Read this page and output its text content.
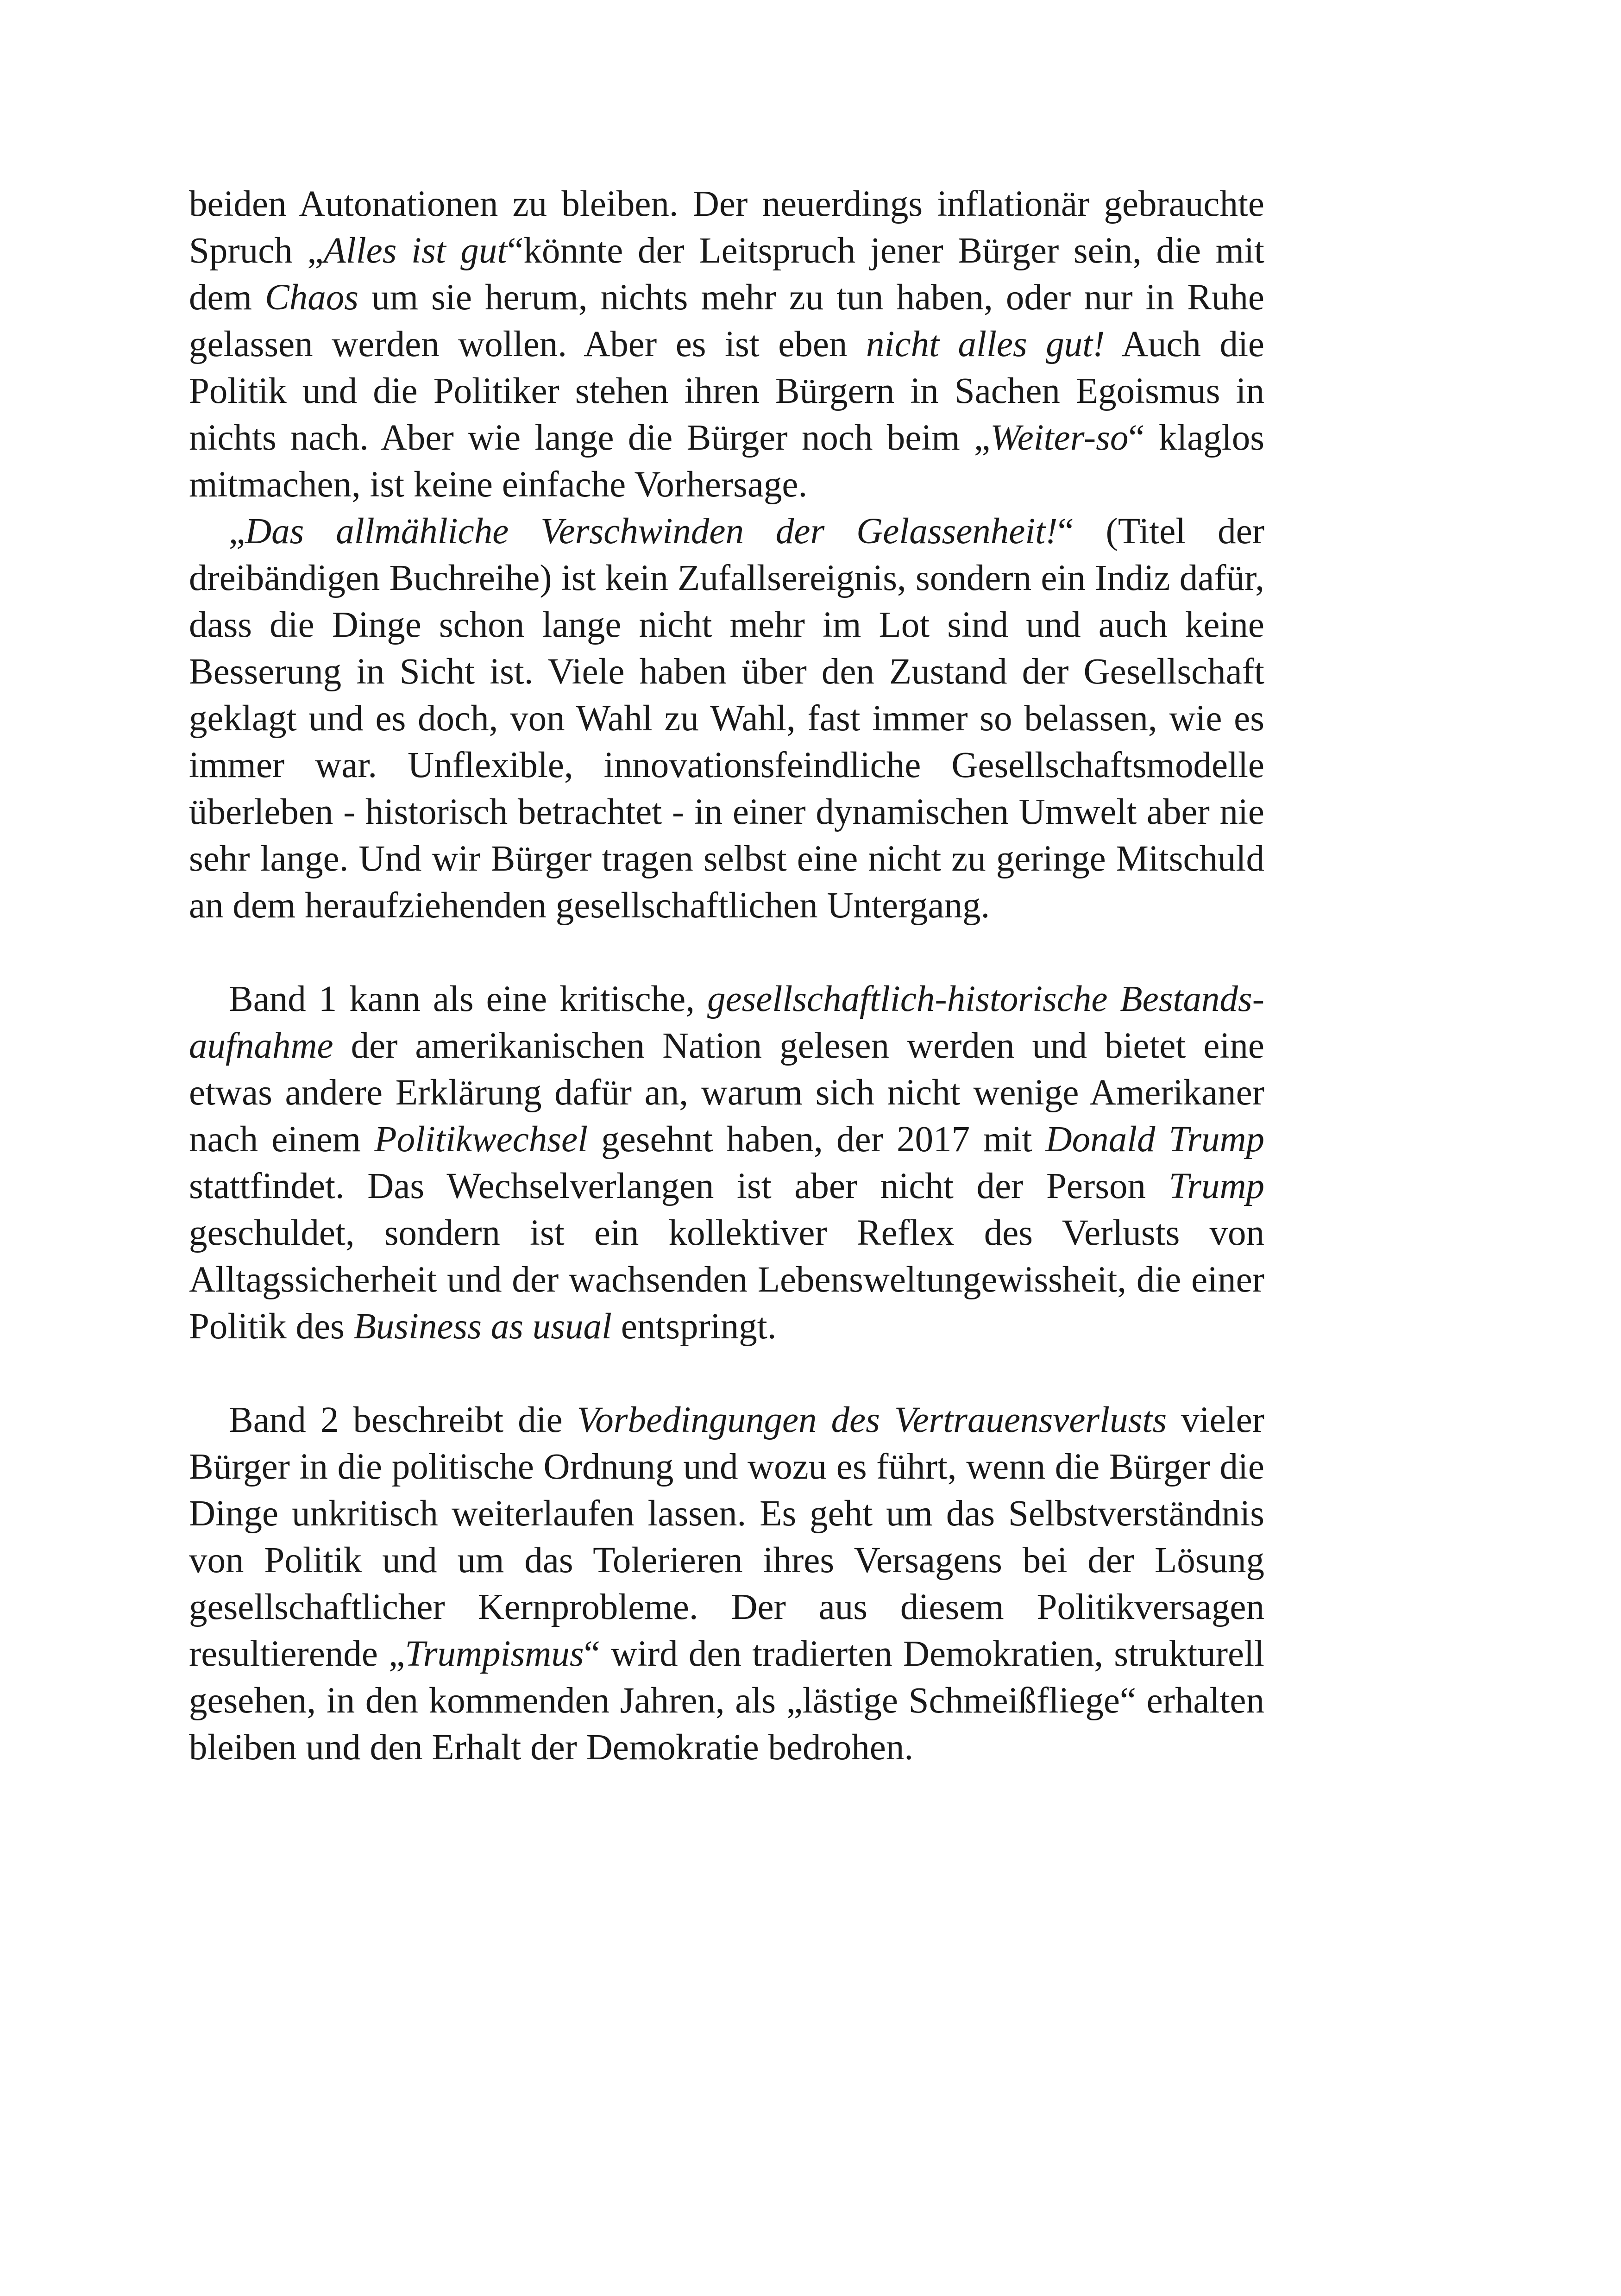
beiden Autonationen zu bleiben. Der neuerdings inflationär gebrauchte Spruch „Alles ist gut“könnte der Leitspruch jener Bürger sein, die mit dem Chaos um sie herum, nichts mehr zu tun haben, oder nur in Ruhe gelassen werden wollen. Aber es ist eben nicht alles gut! Auch die Politik und die Politiker stehen ihren Bürgern in Sachen Egoismus in nichts nach. Aber wie lange die Bürger noch beim „Weiter-so“ klaglos mitmachen, ist keine einfache Vorhersage.

„Das allmähliche Verschwinden der Gelassenheit!“ (Titel der dreibändigen Buchreihe) ist kein Zufallsereignis, sondern ein Indiz dafür, dass die Dinge schon lange nicht mehr im Lot sind und auch keine Besserung in Sicht ist. Viele haben über den Zustand der Gesellschaft geklagt und es doch, von Wahl zu Wahl, fast immer so belassen, wie es immer war. Unflexible, innovationsfeindliche Gesellschaftsmodelle überleben - historisch betrachtet - in einer dynamischen Umwelt aber nie sehr lange. Und wir Bürger tragen selbst eine nicht zu geringe Mitschuld an dem heraufziehenden gesellschaftlichen Untergang.

Band 1 kann als eine kritische, gesellschaftlich-historische Bestandsaufnahme der amerikanischen Nation gelesen werden und bietet eine etwas andere Erklärung dafür an, warum sich nicht wenige Amerikaner nach einem Politikwechsel gesehnt haben, der 2017 mit Donald Trump stattfindet. Das Wechselverlangen ist aber nicht der Person Trump geschuldet, sondern ist ein kollektiver Reflex des Verlusts von Alltagssicherheit und der wachsenden Lebensweltungewissheit, die einer Politik des Business as usual entspringt.

Band 2 beschreibt die Vorbedingungen des Vertrauensverlusts vieler Bürger in die politische Ordnung und wozu es führt, wenn die Bürger die Dinge unkritisch weiterlaufen lassen. Es geht um das Selbstverständnis von Politik und um das Tolerieren ihres Versagens bei der Lösung gesellschaftlicher Kernprobleme. Der aus diesem Politikversagen resultierende „Trumpismus“ wird den tradierten Demokratien, strukturell gesehen, in den kommenden Jahren, als „lästige Schmeißfliege“ erhalten bleiben und den Erhalt der Demokratie bedrohen.
